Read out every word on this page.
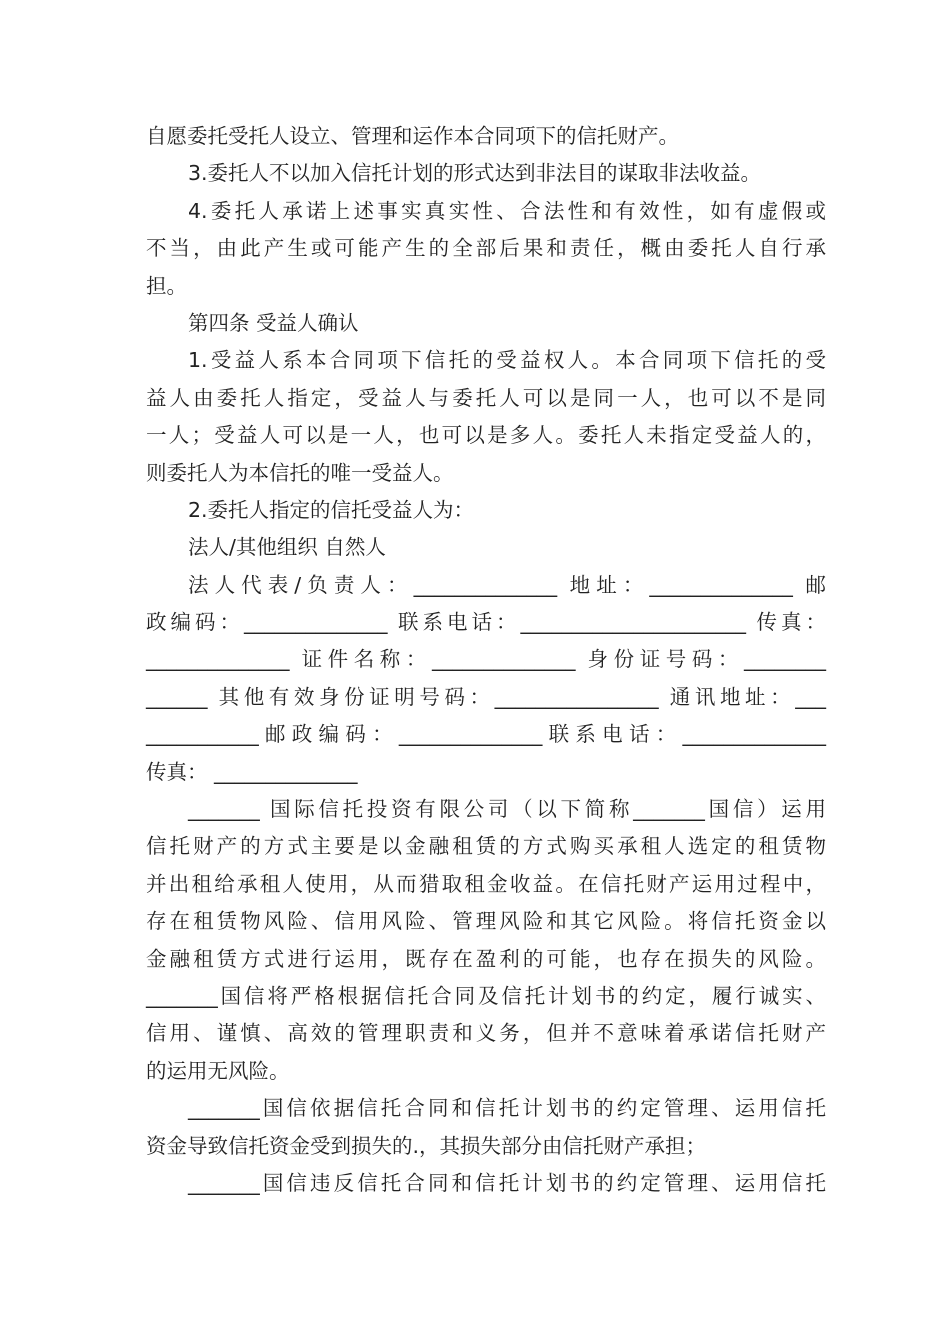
自愿委托受托人设立、管理和运作本合同项下的信托财产。
3.委托人不以加入信托计划的形式达到非法目的谋取非法收益。
4.委托人承诺上述事实真实性、合法性和有效性，如有虚假或
不当，由此产生或可能产生的全部后果和责任，概由委托人自行承
担。
第四条 受益人确认
1.受益人系本合同项下信托的受益权人。本合同项下信托的受
益人由委托人指定，受益人与委托人可以是同一人，也可以不是同
一人；受益人可以是一人，也可以是多人。委托人未指定受益人的，
则委托人为本信托的唯一受益人。
2.委托人指定的信托受益人为：
法人/其他组织 自然人
法人代表/负责人：______________ 地址：______________ 邮
政编码：______________ 联系电话：______________________ 传真：
______________ 证件名称：______________ 身份证号码：________
______ 其他有效身份证明号码：________________ 通讯地址：___
___________邮政编码：______________联系电话：______________
传真： ______________
_______ 国际信托投资有限公司（以下简称_______国信）运用
信托财产的方式主要是以金融租赁的方式购买承租人选定的租赁物
并出租给承租人使用，从而猎取租金收益。在信托财产运用过程中，
存在租赁物风险、信用风险、管理风险和其它风险。将信托资金以
金融租赁方式进行运用，既存在盈利的可能，也存在损失的风险。
_______国信将严格根据信托合同及信托计划书的约定，履行诚实、
信用、谨慎、高效的管理职责和义务，但并不意味着承诺信托财产
的运用无风险。
_______国信依据信托合同和信托计划书的约定管理、运用信托
资金导致信托资金受到损失的.，其损失部分由信托财产承担；
_______国信违反信托合同和信托计划书的约定管理、运用信托
